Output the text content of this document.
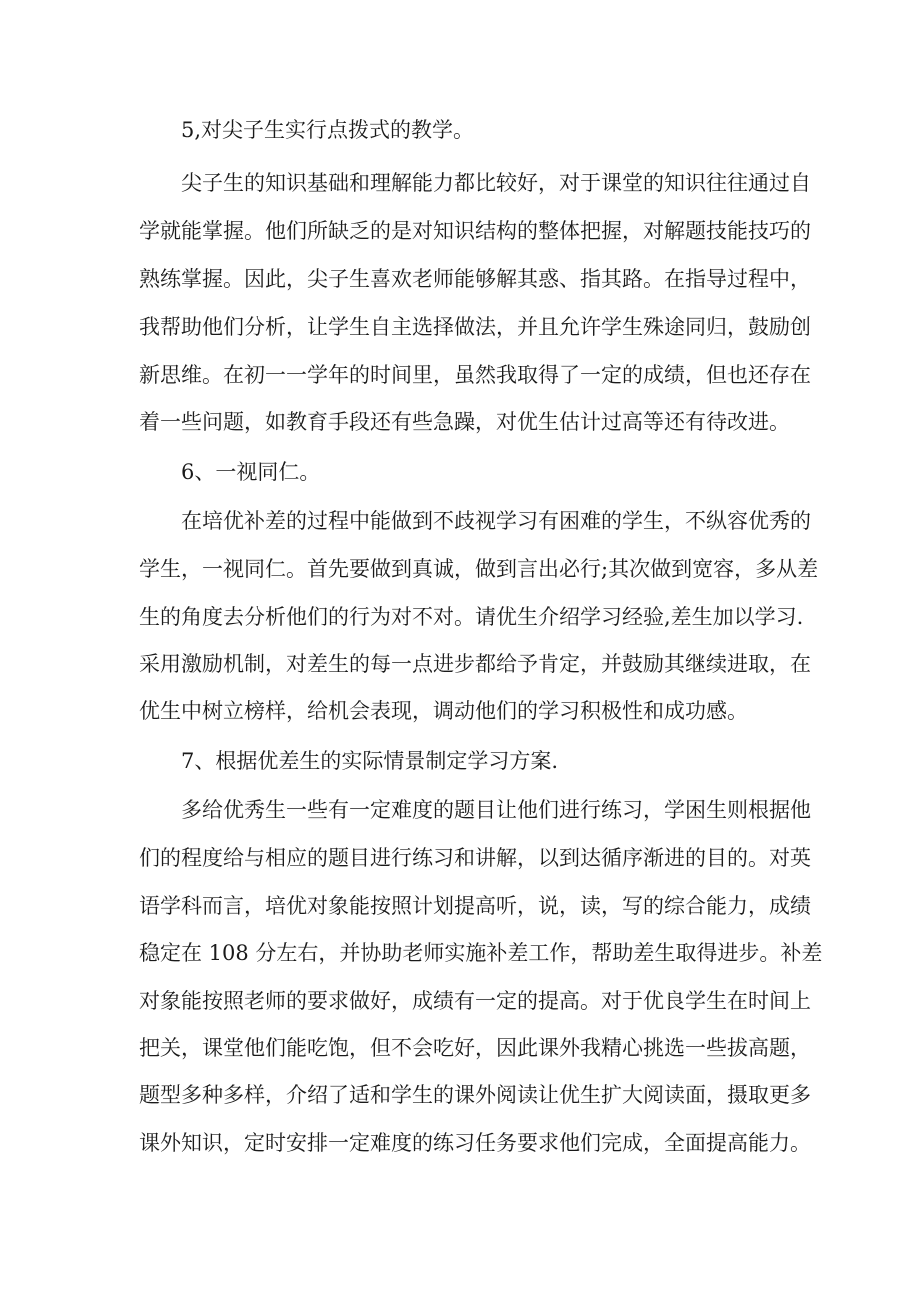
5,对尖子生实行点拨式的教学。
尖子生的知识基础和理解能力都比较好，对于课堂的知识往往通过自
学就能掌握。他们所缺乏的是对知识结构的整体把握，对解题技能技巧的
熟练掌握。因此，尖子生喜欢老师能够解其惑、指其路。在指导过程中，
我帮助他们分析，让学生自主选择做法，并且允许学生殊途同归，鼓励创
新思维。在初一一学年的时间里，虽然我取得了一定的成绩，但也还存在
着一些问题，如教育手段还有些急躁，对优生估计过高等还有待改进。
6、一视同仁。
在培优补差的过程中能做到不歧视学习有困难的学生，不纵容优秀的
学生，一视同仁。首先要做到真诚，做到言出必行;其次做到宽容，多从差
生的角度去分析他们的行为对不对。请优生介绍学习经验,差生加以学习.
采用激励机制，对差生的每一点进步都给予肯定，并鼓励其继续进取，在
优生中树立榜样，给机会表现，调动他们的学习积极性和成功感。
7、根据优差生的实际情景制定学习方案.
多给优秀生一些有一定难度的题目让他们进行练习，学困生则根据他
们的程度给与相应的题目进行练习和讲解，以到达循序渐进的目的。对英
语学科而言，培优对象能按照计划提高听，说，读，写的综合能力，成绩
稳定在 108 分左右，并协助老师实施补差工作，帮助差生取得进步。补差
对象能按照老师的要求做好，成绩有一定的提高。对于优良学生在时间上
把关，课堂他们能吃饱，但不会吃好，因此课外我精心挑选一些拔高题，
题型多种多样，介绍了适和学生的课外阅读让优生扩大阅读面，摄取更多
课外知识，定时安排一定难度的练习任务要求他们完成，全面提高能力。
